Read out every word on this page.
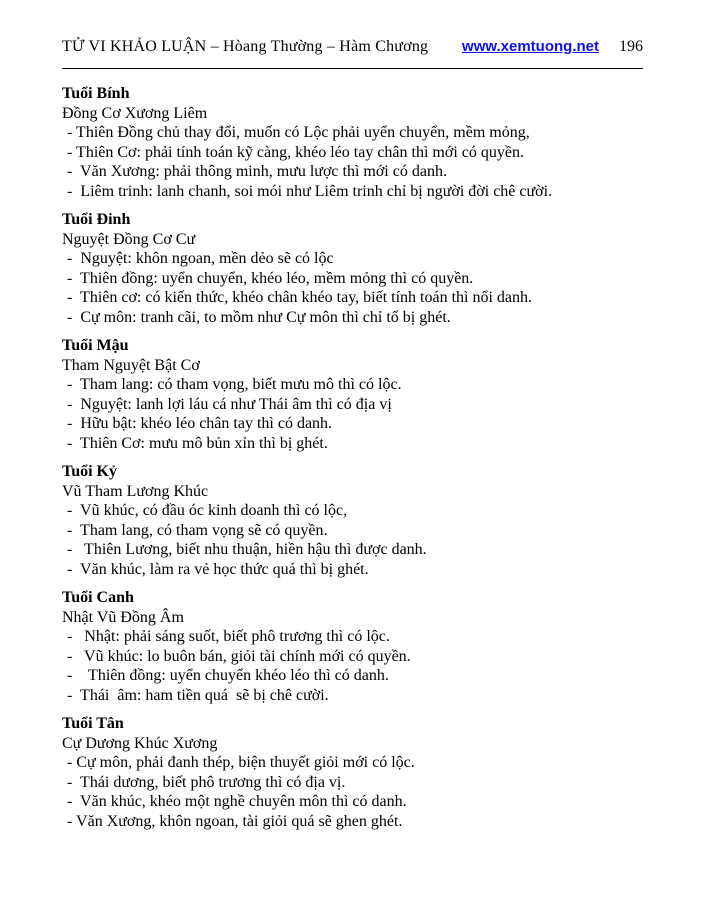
TỬ VI KHẢO LUẬN – Hòang Thường – Hàm Chương www.xemtuong.net 196
Tuổi Bính
Đồng Cơ Xương Liêm
- Thiên Đồng chủ thay đổi, muốn có Lộc phải uyển chuyển, mềm mỏng,
- Thiên Cơ: phải tính toán kỹ càng, khéo léo tay chân thì mới có quyền.
-  Văn Xương: phải thông minh, mưu lược thì mới có danh.
-  Liêm trinh: lanh chanh, soi mói như Liêm trinh chỉ bị người đời chê cười.
Tuổi Đinh
Nguyệt Đồng Cơ Cư
-  Nguyệt: khôn ngoan, mền dẻo sẽ có lộc
-  Thiên đồng: uyển chuyển, khéo léo, mềm mỏng thì có quyền.
-  Thiên cơ: có kiến thức, khéo chân khéo tay, biết tính toán thì nổi danh.
-  Cự môn: tranh cãi, to mồm như Cự môn thì chỉ tổ bị ghét.
Tuổi Mậu
Tham Nguyệt Bật Cơ
-  Tham lang: có tham vọng, biết mưu mô thì có lộc.
-  Nguyệt: lanh lợi láu cá như Thái âm thì có địa vị
-  Hữu bật: khéo léo chân tay thì có danh.
-  Thiên Cơ: mưu mô bủn xỉn thì bị ghét.
Tuổi Kỷ
Vũ Tham Lương Khúc
-  Vũ khúc, có đầu óc kinh doanh thì có lộc,
-  Tham lang, có tham vọng sẽ có quyền.
-   Thiên Lương, biết nhu thuận, hiền hậu thì được danh.
-  Văn khúc, làm ra vẻ học thức quá thì bị ghét.
Tuổi Canh
Nhật Vũ Đồng Âm
-   Nhật: phải sáng suốt, biết phô trương thì có lộc.
-   Vũ khúc: lo buôn bán, giỏi tài chính mới có quyền.
-    Thiên đồng: uyển chuyển khéo léo thì có danh.
-  Thái  âm: ham tiền quá  sẽ bị chê cười.
Tuổi Tân
Cự Dương Khúc Xương
- Cự môn, phải đanh thép, biện thuyết giỏi mới có lộc.
-  Thái dương, biết phô trương thì có địa vị.
-  Văn khúc, khéo một nghề chuyên môn thì có danh.
- Văn Xương, khôn ngoan, tài giỏi quá sẽ ghen ghét.
